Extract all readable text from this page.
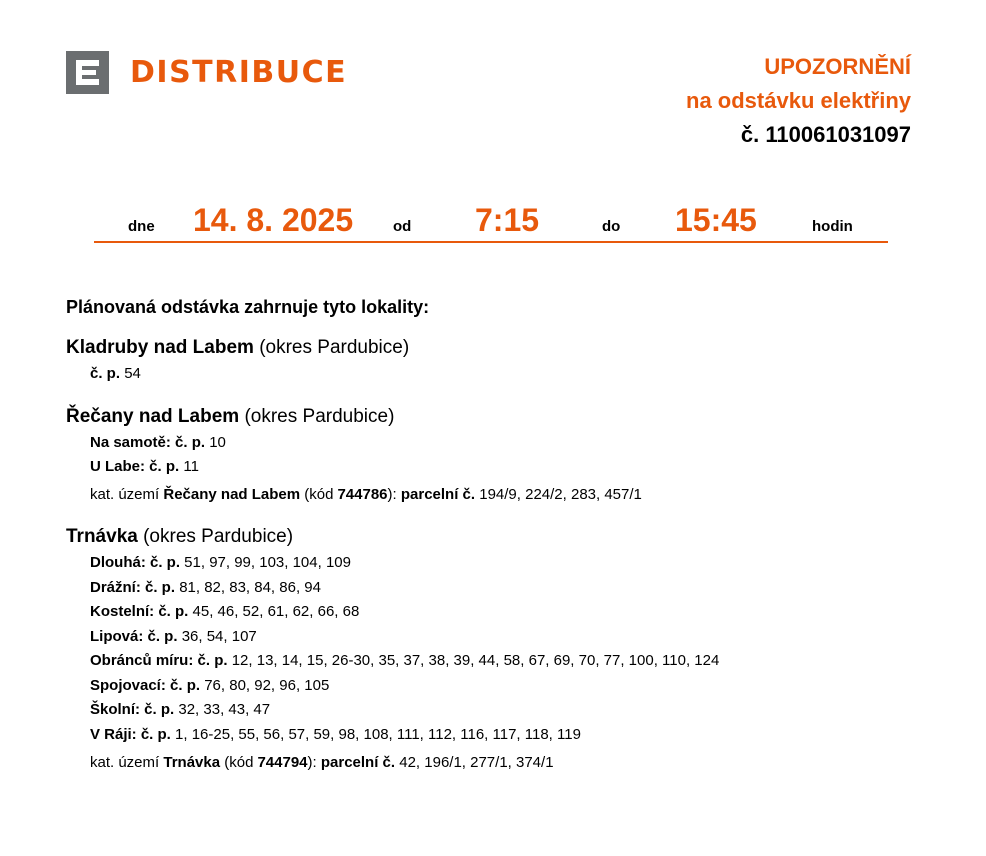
DISTRIBUCE	UPOZORNĚNÍ
na odstávku elektřiny
č. 110061031097
dne 14. 8. 2025	od 7:15	do 15:45	hodin
Plánovaná odstávka zahrnuje tyto lokality:
Kladruby nad Labem (okres Pardubice)
č. p. 54
Řečany nad Labem (okres Pardubice)
Na samotě: č. p. 10
U Labe: č. p. 11
kat. území Řečany nad Labem (kód 744786): parcelní č. 194/9, 224/2, 283, 457/1
Trnávka (okres Pardubice)
Dlouhá: č. p. 51, 97, 99, 103, 104, 109
Drážní: č. p. 81, 82, 83, 84, 86, 94
Kostelní: č. p. 45, 46, 52, 61, 62, 66, 68
Lipová: č. p. 36, 54, 107
Obránců míru: č. p. 12, 13, 14, 15, 26-30, 35, 37, 38, 39, 44, 58, 67, 69, 70, 77, 100, 110, 124
Spojovací: č. p. 76, 80, 92, 96, 105
Školní: č. p. 32, 33, 43, 47
V Ráji: č. p. 1, 16-25, 55, 56, 57, 59, 98, 108, 111, 112, 116, 117, 118, 119
kat. území Trnávka (kód 744794): parcelní č. 42, 196/1, 277/1, 374/1
